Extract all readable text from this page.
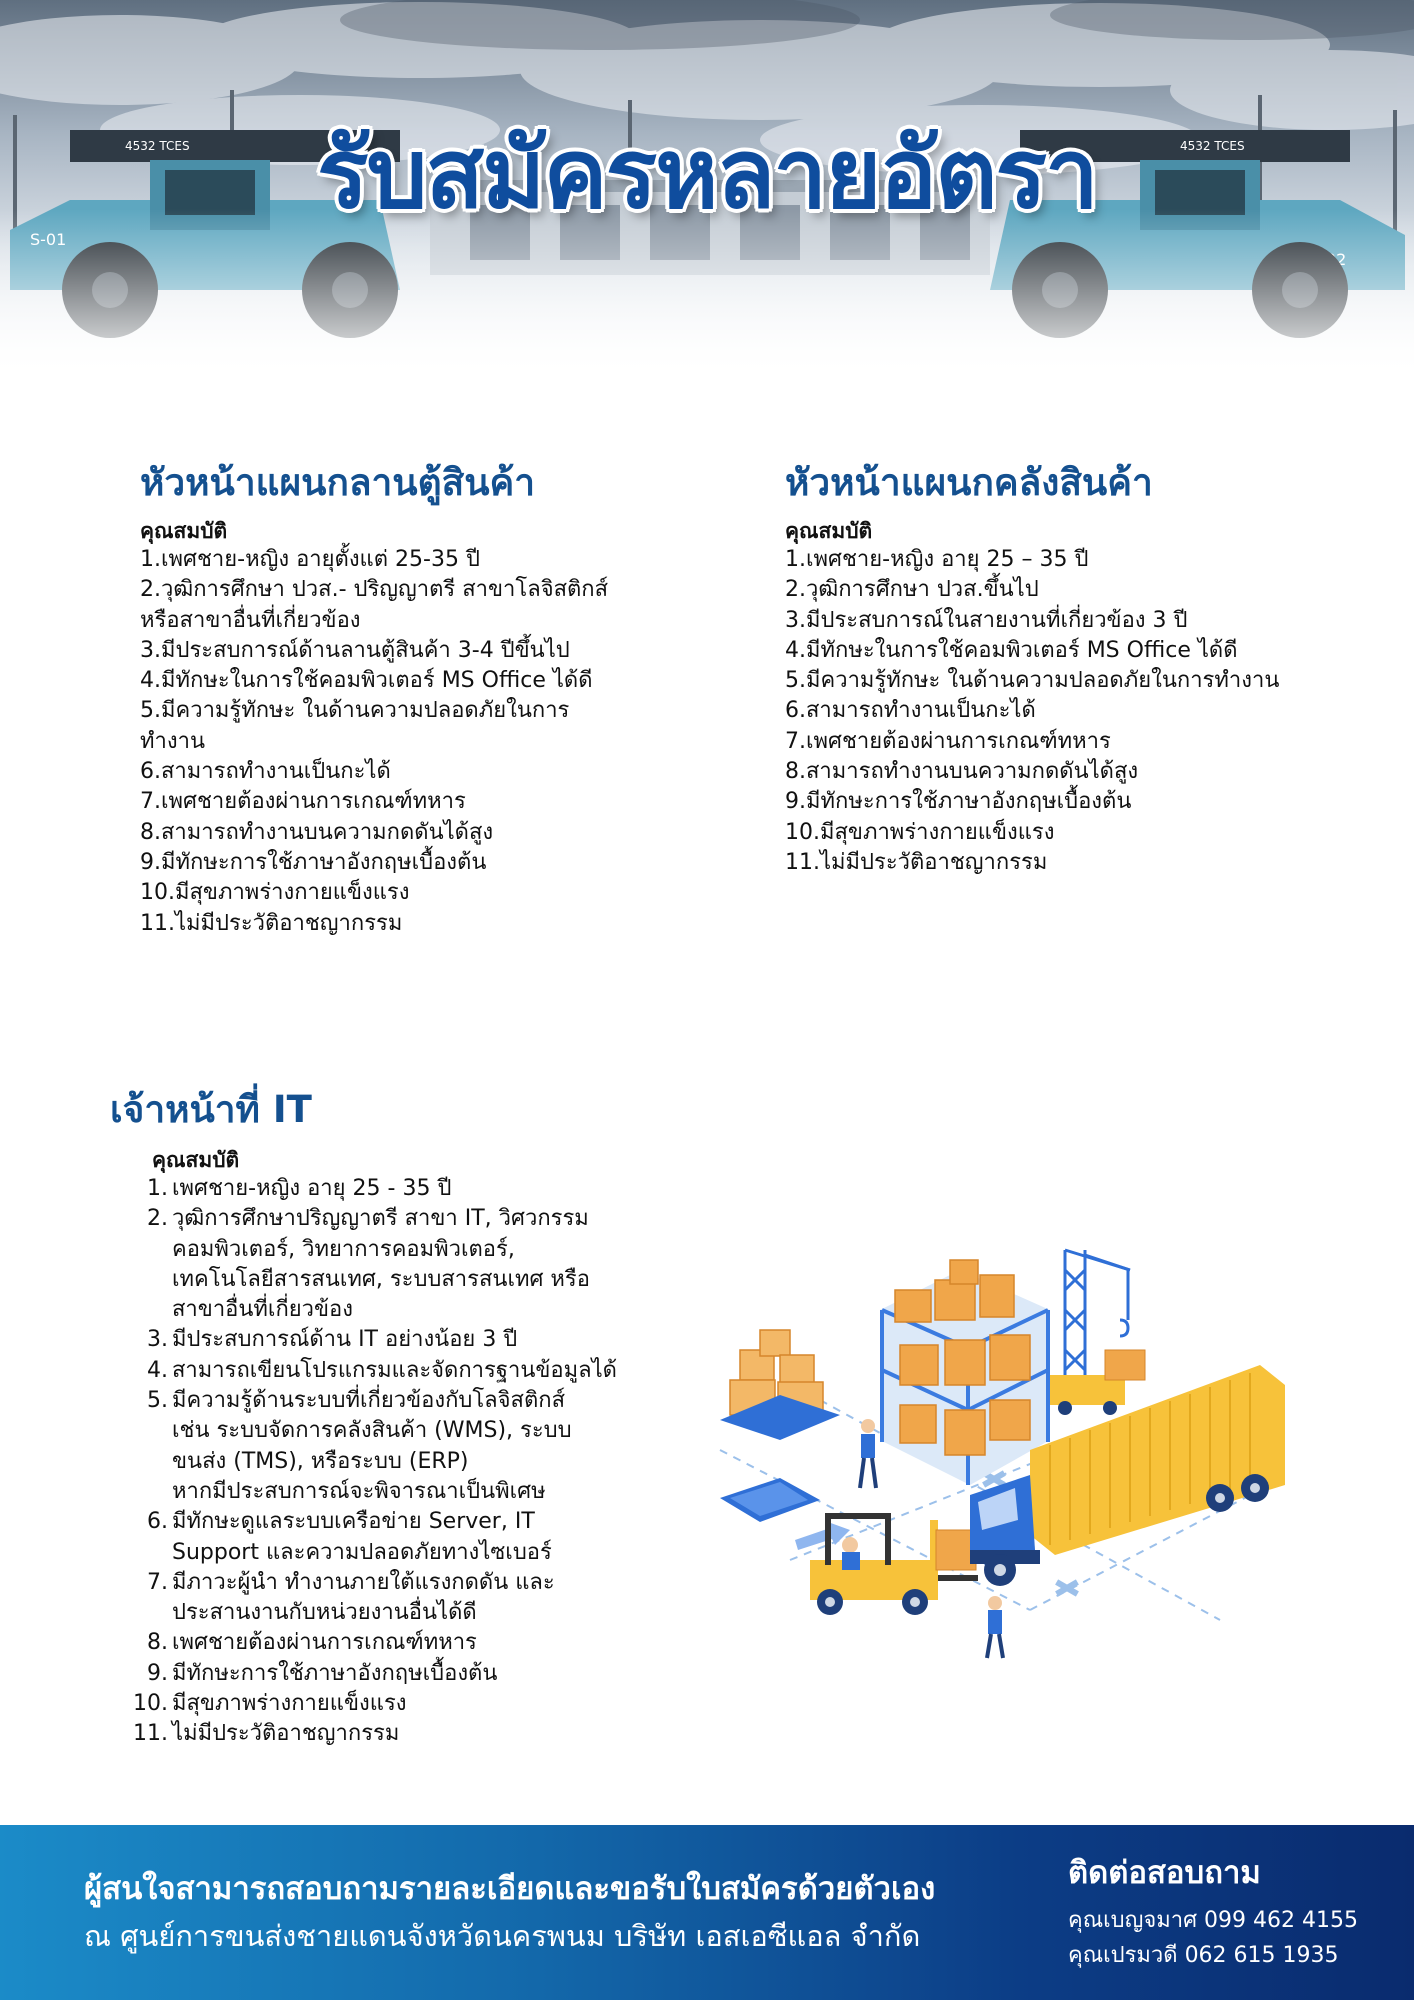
รับสมัครหลายอัตรา
หัวหน้าแผนกลานตู้สินค้า
คุณสมบัติ
1.เพศชาย-หญิง อายุตั้งแต่ 25-35 ปี
2.วุฒิการศึกษา ปวส.- ปริญญาตรี สาขาโลจิสติกส์
หรือสาขาอื่นที่เกี่ยวข้อง
3.มีประสบการณ์ด้านลานตู้สินค้า 3-4 ปีขึ้นไป
4.มีทักษะในการใช้คอมพิวเตอร์ MS Office ได้ดี
5.มีความรู้ทักษะ ในด้านความปลอดภัยในการ
ทำงาน
6.สามารถทำงานเป็นกะได้
7.เพศชายต้องผ่านการเกณฑ์ทหาร
8.สามารถทำงานบนความกดดันได้สูง
9.มีทักษะการใช้ภาษาอังกฤษเบื้องต้น
10.มีสุขภาพร่างกายแข็งแรง
11.ไม่มีประวัติอาชญากรรม
หัวหน้าแผนกคลังสินค้า
คุณสมบัติ
1.เพศชาย-หญิง อายุ 25 – 35 ปี
2.วุฒิการศึกษา ปวส.ขึ้นไป
3.มีประสบการณ์ในสายงานที่เกี่ยวข้อง 3 ปี
4.มีทักษะในการใช้คอมพิวเตอร์ MS Office ได้ดี
5.มีความรู้ทักษะ ในด้านความปลอดภัยในการทำงาน
6.สามารถทำงานเป็นกะได้
7.เพศชายต้องผ่านการเกณฑ์ทหาร
8.สามารถทำงานบนความกดดันได้สูง
9.มีทักษะการใช้ภาษาอังกฤษเบื้องต้น
10.มีสุขภาพร่างกายแข็งแรง
11.ไม่มีประวัติอาชญากรรม
เจ้าหน้าที่ IT
คุณสมบัติ
1. เพศชาย-หญิง อายุ 25 - 35 ปี
2. วุฒิการศึกษาปริญญาตรี สาขา IT, วิศวกรรม
คอมพิวเตอร์, วิทยาการคอมพิวเตอร์,
เทคโนโลยีสารสนเทศ, ระบบสารสนเทศ หรือ
สาขาอื่นที่เกี่ยวข้อง
3. มีประสบการณ์ด้าน IT อย่างน้อย 3 ปี
4. สามารถเขียนโปรแกรมและจัดการฐานข้อมูลได้
5. มีความรู้ด้านระบบที่เกี่ยวข้องกับโลจิสติกส์
เช่น ระบบจัดการคลังสินค้า (WMS), ระบบ
ขนส่ง (TMS), หรือระบบ (ERP)
หากมีประสบการณ์จะพิจารณาเป็นพิเศษ
6. มีทักษะดูแลระบบเครือข่าย Server, IT
Support และความปลอดภัยทางไซเบอร์
7. มีภาวะผู้นำ ทำงานภายใต้แรงกดดัน และ
ประสานงานกับหน่วยงานอื่นได้ดี
8. เพศชายต้องผ่านการเกณฑ์ทหาร
9. มีทักษะการใช้ภาษาอังกฤษเบื้องต้น
10. มีสุขภาพร่างกายแข็งแรง
11. ไม่มีประวัติอาชญากรรม
ผู้สนใจสามารถสอบถามรายละเอียดและขอรับใบสมัครด้วยตัวเอง
ณ ศูนย์การขนส่งชายแดนจังหวัดนครพนม บริษัท เอสเอซีแอล จำกัด
ติดต่อสอบถาม
คุณเบญจมาศ 099 462 4155
คุณเปรมวดี 062 615 1935
